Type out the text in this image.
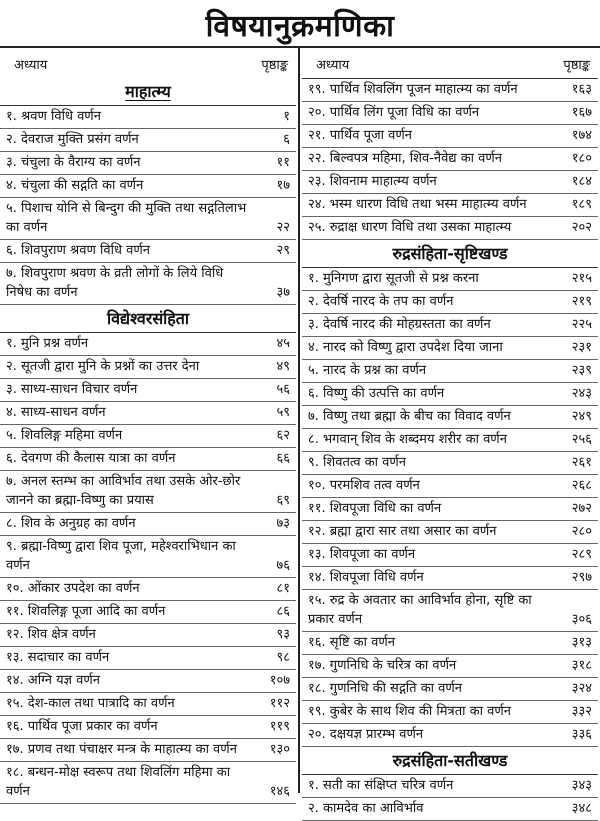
विषयानुक्रमणिका
अध्याय	पृष्ठाङ्क
माहात्म्य
१. श्रवण विधि वर्णन	१
२. देवराज मुक्ति प्रसंग वर्णन	६
३. चंचुला के वैराग्य का वर्णन	११
४. चंचुला की सद्गति का वर्णन	१७
५. पिशाच योनि से बिन्दुग की मुक्ति तथा सद्गतिलाभ का वर्णन	२२
६. शिवपुराण श्रवण विधि वर्णन	२९
७. शिवपुराण श्रवण के व्रती लोगों के लिये विधि निषेध का वर्णन	३७
विद्येश्वरसंहिता
१. मुनि प्रश्न वर्णन	४५
२. सूतजी द्वारा मुनि के प्रश्नों का उत्तर देना	४९
३. साध्य-साधन विचार वर्णन	५६
४. साध्य-साधन वर्णन	५९
५. शिवलिङ्ग महिमा वर्णन	६२
६. देवगण की कैलास यात्रा का वर्णन	६६
७. अनल स्तम्भ का आविर्भाव तथा उसके ओर-छोर जानने का ब्रह्मा-विष्णु का प्रयास	६९
८. शिव के अनुग्रह का वर्णन	७३
९. ब्रह्मा-विष्णु द्वारा शिव पूजा, महेश्वराभिधान का वर्णन	७६
१०. ओंकार उपदेश का वर्णन	८१
११. शिवलिङ्ग पूजा आदि का वर्णन	८६
१२. शिव क्षेत्र वर्णन	९३
१३. सदाचार का वर्णन	९८
१४. अग्नि यज्ञ वर्णन	१०७
१५. देश-काल तथा पात्रादि का वर्णन	११२
१६. पार्थिव पूजा प्रकार का वर्णन	११९
१७. प्रणव तथा पंचाक्षर मन्त्र के माहात्म्य का वर्णन	१३०
१८. बन्धन-मोक्ष स्वरूप तथा शिवलिंग महिमा का वर्णन	१४६
अध्याय	पृष्ठाङ्क
१९. पार्थिव शिवलिंग पूजन माहात्म्य का वर्णन	१६३
२०. पार्थिव लिंग पूजा विधि का वर्णन	१६७
२१. पार्थिव पूजा वर्णन	१७४
२२. बिल्वपत्र महिमा, शिव-नैवेद्य का वर्णन	१८०
२३. शिवनाम माहात्म्य वर्णन	१८४
२४. भस्म धारण विधि तथा भस्म माहात्म्य वर्णन	१८९
२५. रुद्राक्ष धारण विधि तथा उसका माहात्म्य	२०२
रुद्रसंहिता-सृष्टिखण्ड
१. मुनिगण द्वारा सूतजी से प्रश्न करना	२१५
२. देवर्षि नारद के तप का वर्णन	२१९
३. देवर्षि नारद की मोहग्रस्तता का वर्णन	२२५
४. नारद को विष्णु द्वारा उपदेश दिया जाना	२३१
५. नारद के प्रश्न का वर्णन	२३९
६. विष्णु की उत्पत्ति का वर्णन	२४३
७. विष्णु तथा ब्रह्मा के बीच का विवाद वर्णन	२४९
८. भगवान् शिव के शब्दमय शरीर का वर्णन	२५६
९. शिवतत्व का वर्णन	२६१
१०. परमशिव तत्व वर्णन	२६८
११. शिवपूजा विधि का वर्णन	२७२
१२. ब्रह्मा द्वारा सार तथा असार का वर्णन	२८०
१३. शिवपूजा का वर्णन	२८९
१४. शिवपूजा विधि वर्णन	२९७
१५. रुद्र के अवतार का आविर्भाव होना, सृष्टि का प्रकार वर्णन	३०६
१६. सृष्टि का वर्णन	३१३
१७. गुणनिधि के चरित्र का वर्णन	३१८
१८. गुणनिधि की सद्गति का वर्णन	३२४
१९. कुबेर के साथ शिव की मित्रता का वर्णन	३३२
२०. दक्षयज्ञ प्रारम्भ वर्णन	३३६
रुद्रसंहिता-सतीखण्ड
१. सती का संक्षिप्त चरित्र वर्णन	३४३
२. कामदेव का आविर्भाव	३४८
